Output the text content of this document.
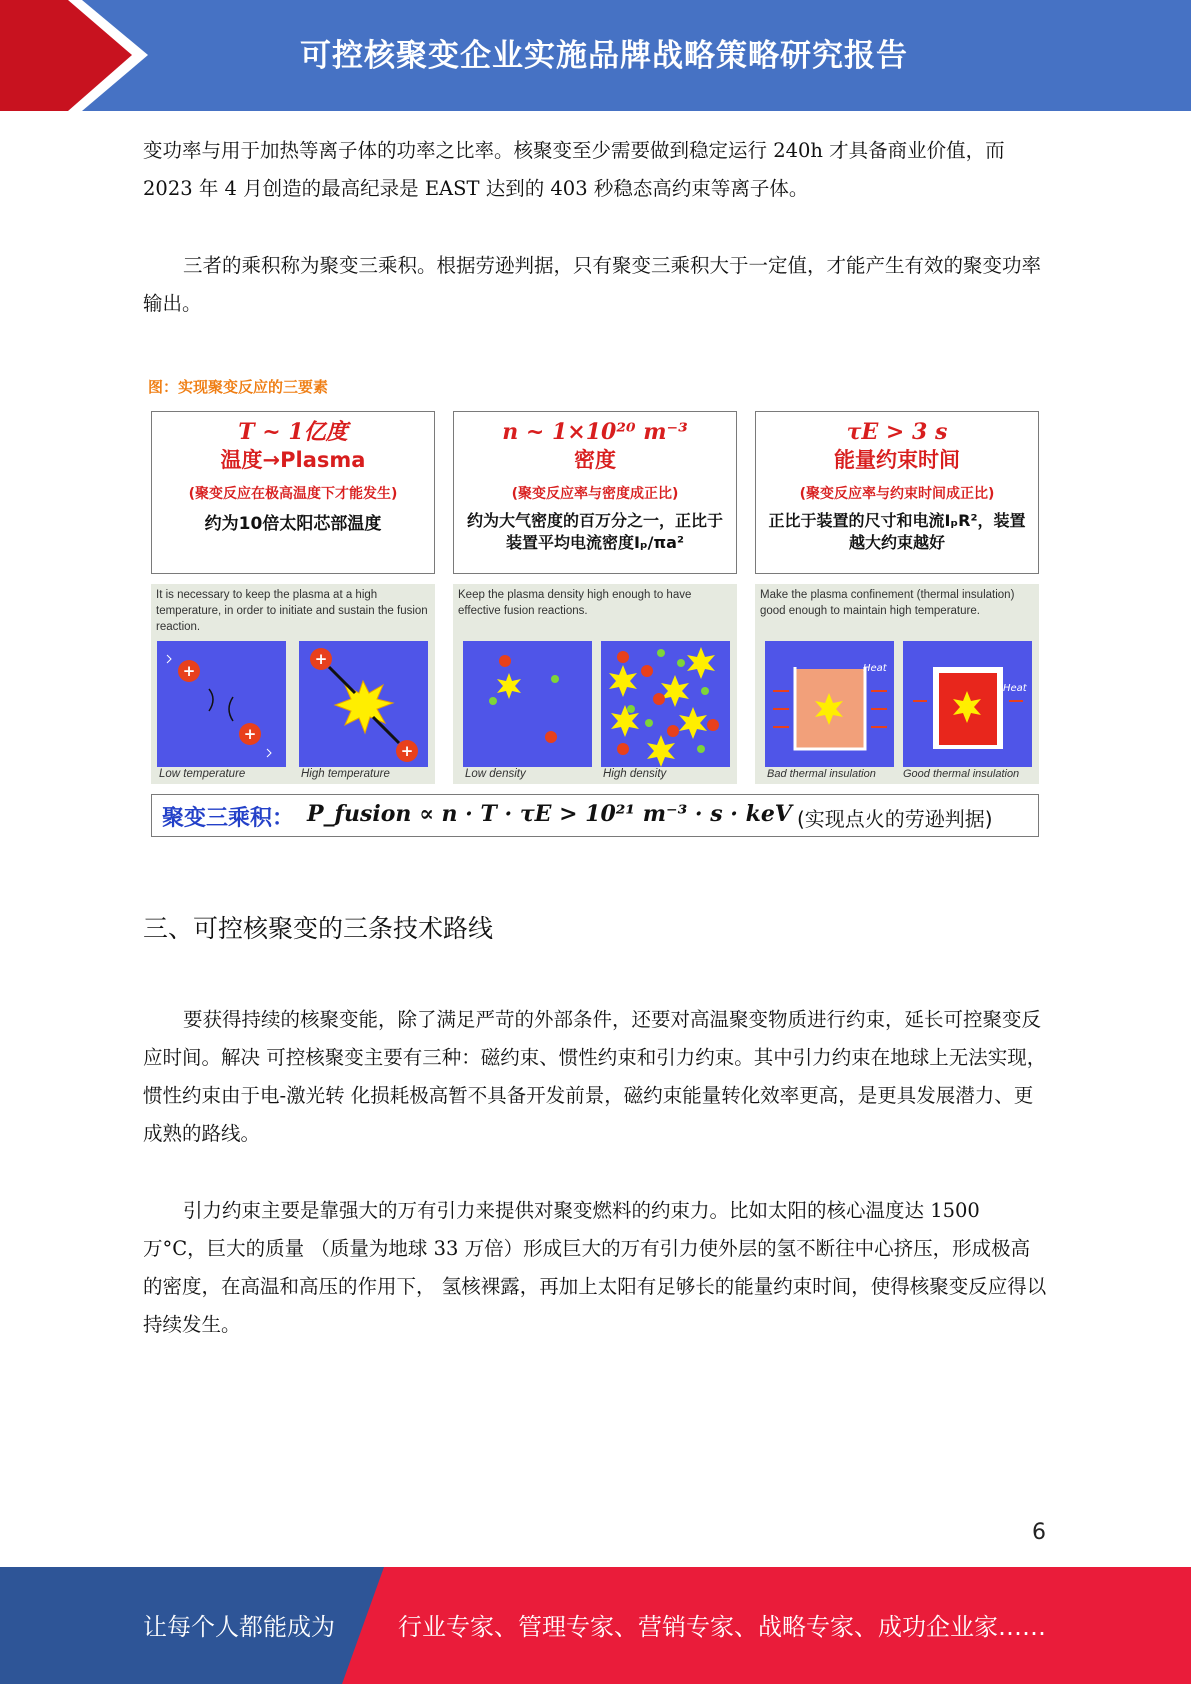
可控核聚变企业实施品牌战略策略研究报告

变功率与用于加热等离子体的功率之比率。核聚变至少需要做到稳定运行 240h 才具备商业价值，而 2023 年 4 月创造的最高纪录是 EAST 达到的 403 秒稳态高约束等离子体。

三者的乘积称为聚变三乘积。根据劳逊判据，只有聚变三乘积大于一定值，才能产生有效的聚变功率输出。

图：实现聚变反应的三要素
T ~ 1亿度
温度→Plasma
(聚变反应在极高温度下才能发生)
约为10倍太阳芯部温度
n ~ 1×10²⁰ m⁻³
密度
(聚变反应率与密度成正比)
约为大气密度的百万分之一，正比于装置平均电流密度Iₚ/πa²
τE > 3 s
能量约束时间
(聚变反应率与约束时间成正比)
正比于装置的尺寸和电流IₚR²，装置越大约束越好
It is necessary to keep the plasma at a high temperature, in order to initiate and sustain the fusion reaction.
+
+
+
+
Low temperature	High temperature
Keep the plasma density high enough to have effective fusion reactions.
Low density	High density
Make the plasma confinement (thermal insulation) good enough to maintain high temperature.
Heat
Heat
Bad thermal insulation Good thermal insulation
聚变三乘积： P_fusion ∝ n · T · τE > 10²¹ m⁻³ · s · keV (实现点火的劳逊判据)
三、可控核聚变的三条技术路线

要获得持续的核聚变能，除了满足严苛的外部条件，还要对高温聚变物质进行约束，延长可控聚变反应时间。解决 可控核聚变主要有三种：磁约束、惯性约束和引力约束。其中引力约束在地球上无法实现，惯性约束由于电-激光转 化损耗极高暂不具备开发前景，磁约束能量转化效率更高，是更具发展潜力、更成熟的路线。

引力约束主要是靠强大的万有引力来提供对聚变燃料的约束力。比如太阳的核心温度达 1500 万°C，巨大的质量 （质量为地球 33 万倍）形成巨大的万有引力使外层的氢不断往中心挤压，形成极高的密度，在高温和高压的作用下， 氢核裸露，再加上太阳有足够长的能量约束时间，使得核聚变反应得以持续发生。

6
让每个人都能成为	行业专家、管理专家、营销专家、战略专家、成功企业家……
